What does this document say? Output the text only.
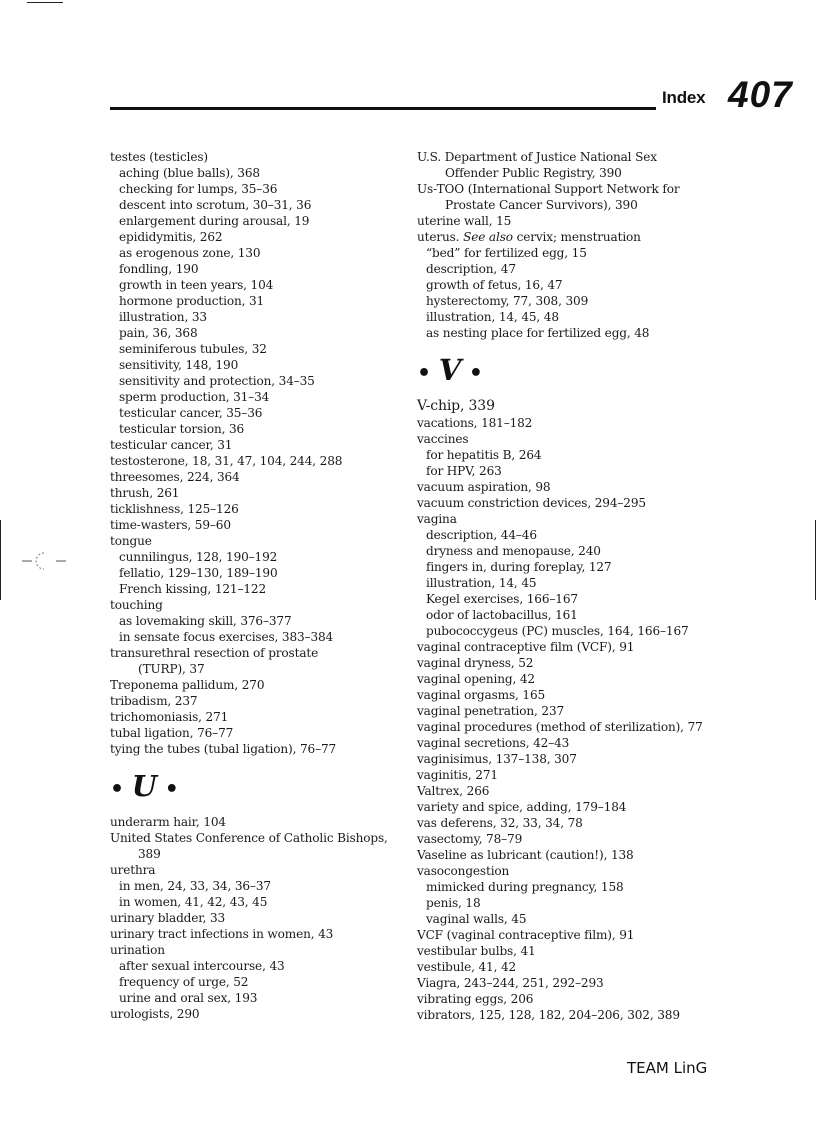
Index 407
testes (testicles)
aching (blue balls), 368
checking for lumps, 35–36
descent into scrotum, 30–31, 36
enlargement during arousal, 19
epididymitis, 262
as erogenous zone, 130
fondling, 190
growth in teen years, 104
hormone production, 31
illustration, 33
pain, 36, 368
seminiferous tubules, 32
sensitivity, 148, 190
sensitivity and protection, 34–35
sperm production, 31–34
testicular cancer, 35–36
testicular torsion, 36
testicular cancer, 31
testosterone, 18, 31, 47, 104, 244, 288
threesomes, 224, 364
thrush, 261
ticklishness, 125–126
time-wasters, 59–60
tongue
cunnilingus, 128, 190–192
fellatio, 129–130, 189–190
French kissing, 121–122
touching
as lovemaking skill, 376–377
in sensate focus exercises, 383–384
transurethral resection of prostate
(TURP), 37
Treponema pallidum, 270
tribadism, 237
trichomoniasis, 271
tubal ligation, 76–77
tying the tubes (tubal ligation), 76–77
• U •
underarm hair, 104
United States Conference of Catholic Bishops,
389
urethra
in men, 24, 33, 34, 36–37
in women, 41, 42, 43, 45
urinary bladder, 33
urinary tract infections in women, 43
urination
after sexual intercourse, 43
frequency of urge, 52
urine and oral sex, 193
urologists, 290
U.S. Department of Justice National Sex
Offender Public Registry, 390
Us-TOO (International Support Network for
Prostate Cancer Survivors), 390
uterine wall, 15
uterus. See also cervix; menstruation
“bed” for fertilized egg, 15
description, 47
growth of fetus, 16, 47
hysterectomy, 77, 308, 309
illustration, 14, 45, 48
as nesting place for fertilized egg, 48
• V •
V-chip, 339
vacations, 181–182
vaccines
for hepatitis B, 264
for HPV, 263
vacuum aspiration, 98
vacuum constriction devices, 294–295
vagina
description, 44–46
dryness and menopause, 240
fingers in, during foreplay, 127
illustration, 14, 45
Kegel exercises, 166–167
odor of lactobacillus, 161
pubococcygeus (PC) muscles, 164, 166–167
vaginal contraceptive film (VCF), 91
vaginal dryness, 52
vaginal opening, 42
vaginal orgasms, 165
vaginal penetration, 237
vaginal procedures (method of sterilization), 77
vaginal secretions, 42–43
vaginisimus, 137–138, 307
vaginitis, 271
Valtrex, 266
variety and spice, adding, 179–184
vas deferens, 32, 33, 34, 78
vasectomy, 78–79
Vaseline as lubricant (caution!), 138
vasocongestion
mimicked during pregnancy, 158
penis, 18
vaginal walls, 45
VCF (vaginal contraceptive film), 91
vestibular bulbs, 41
vestibule, 41, 42
Viagra, 243–244, 251, 292–293
vibrating eggs, 206
vibrators, 125, 128, 182, 204–206, 302, 389
TEAM LinG
